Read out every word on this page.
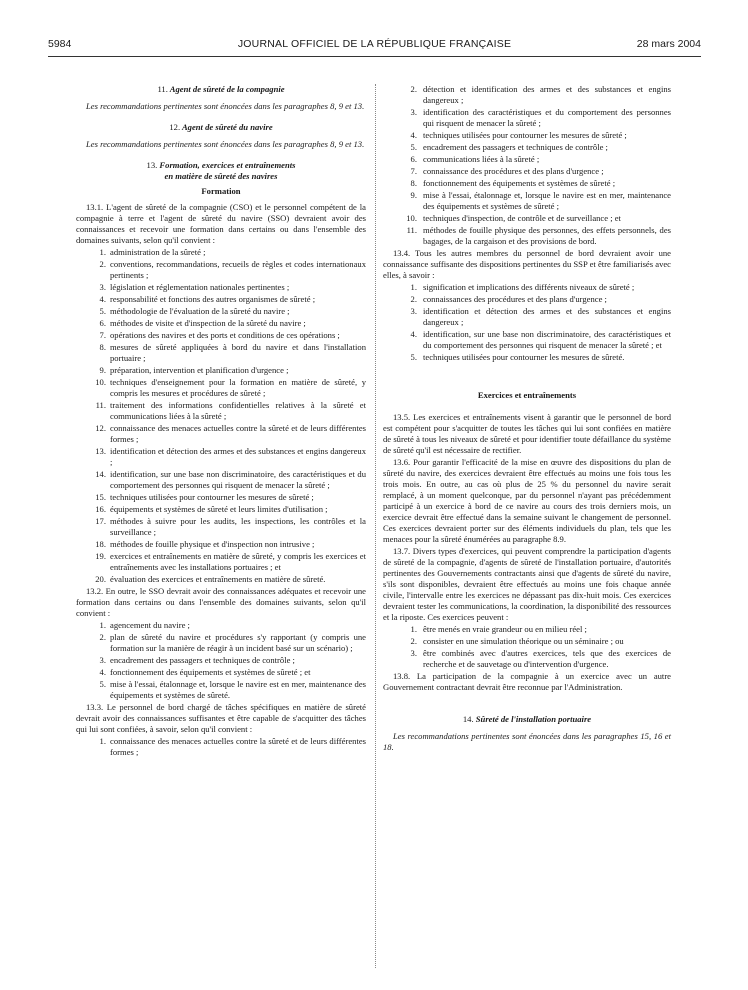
5984	JOURNAL OFFICIEL DE LA RÉPUBLIQUE FRANÇAISE	28 mars 2004
11. Agent de sûreté de la compagnie

Les recommandations pertinentes sont énoncées dans les paragraphes 8, 9 et 13.

12. Agent de sûreté du navire

Les recommandations pertinentes sont énoncées dans les paragraphes 8, 9 et 13.

13. Formation, exercices et entraînements
en matière de sûreté des navires
Formation

13.1. L'agent de sûreté de la compagnie (CSO) et le personnel compétent de la compagnie à terre et l'agent de sûreté du navire (SSO) devraient avoir des connaissances et recevoir une formation dans certains ou dans l'ensemble des domaines suivants, selon qu'il convient :

1. administration de la sûreté ;
2. conventions, recommandations, recueils de règles et codes internationaux pertinents ;
3. législation et réglementation nationales pertinentes ;
4. responsabilité et fonctions des autres organismes de sûreté ;
5. méthodologie de l'évaluation de la sûreté du navire ;
6. méthodes de visite et d'inspection de la sûreté du navire ;
7. opérations des navires et des ports et conditions de ces opérations ;
8. mesures de sûreté appliquées à bord du navire et dans l'installation portuaire ;
9. préparation, intervention et planification d'urgence ;
10. techniques d'enseignement pour la formation en matière de sûreté, y compris les mesures et procédures de sûreté ;
11. traitement des informations confidentielles relatives à la sûreté et communications liées à la sûreté ;
12. connaissance des menaces actuelles contre la sûreté et de leurs différentes formes ;
13. identification et détection des armes et des substances et engins dangereux ;
14. identification, sur une base non discriminatoire, des caractéristiques et du comportement des personnes qui risquent de menacer la sûreté ;
15. techniques utilisées pour contourner les mesures de sûreté ;
16. équipements et systèmes de sûreté et leurs limites d'utilisation ;
17. méthodes à suivre pour les audits, les inspections, les contrôles et la surveillance ;
18. méthodes de fouille physique et d'inspection non intrusive ;
19. exercices et entraînements en matière de sûreté, y compris les exercices et entraînements avec les installations portuaires ; et
20. évaluation des exercices et entraînements en matière de sûreté.

13.2. En outre, le SSO devrait avoir des connaissances adéquates et recevoir une formation dans certains ou dans l'ensemble des domaines suivants, selon qu'il convient :

1. agencement du navire ;
2. plan de sûreté du navire et procédures s'y rapportant (y compris une formation sur la manière de réagir à un incident basé sur un scénario) ;
3. encadrement des passagers et techniques de contrôle ;
4. fonctionnement des équipements et systèmes de sûreté ; et
5. mise à l'essai, étalonnage et, lorsque le navire est en mer, maintenance des équipements et systèmes de sûreté.

13.3. Le personnel de bord chargé de tâches spécifiques en matière de sûreté devrait avoir des connaissances suffisantes et être capable de s'acquitter des tâches qui lui sont confiées, à savoir, selon qu'il convient :

1. connaissance des menaces actuelles contre la sûreté et de leurs différentes formes ;
2. détection et identification des armes et des substances et engins dangereux ;
3. identification des caractéristiques et du comportement des personnes qui risquent de menacer la sûreté ;
4. techniques utilisées pour contourner les mesures de sûreté ;
5. encadrement des passagers et techniques de contrôle ;
6. communications liées à la sûreté ;
7. connaissance des procédures et des plans d'urgence ;
8. fonctionnement des équipements et systèmes de sûreté ;
9. mise à l'essai, étalonnage et, lorsque le navire est en mer, maintenance des équipements et systèmes de sûreté ;
10. techniques d'inspection, de contrôle et de surveillance ; et
11. méthodes de fouille physique des personnes, des effets personnels, des bagages, de la cargaison et des provisions de bord.

13.4. Tous les autres membres du personnel de bord devraient avoir une connaissance suffisante des dispositions pertinentes du SSP et être familiarisés avec elles, à savoir :

1. signification et implications des différents niveaux de sûreté ;
2. connaissances des procédures et des plans d'urgence ;
3. identification et détection des armes et des substances et engins dangereux ;
4. identification, sur une base non discriminatoire, des caractéristiques et du comportement des personnes qui risquent de menacer la sûreté ; et
5. techniques utilisées pour contourner les mesures de sûreté.
Exercices et entraînements

13.5. Les exercices et entraînements visent à garantir que le personnel de bord est compétent pour s'acquitter de toutes les tâches qui lui sont confiées en matière de sûreté à tous les niveaux de sûreté et pour identifier toute défaillance du système de sûreté qu'il est nécessaire de rectifier.

13.6. Pour garantir l'efficacité de la mise en œuvre des dispositions du plan de sûreté du navire, des exercices devraient être effectués au moins une fois tous les trois mois. En outre, au cas où plus de 25 % du personnel du navire serait remplacé, à un moment quelconque, par du personnel n'ayant pas précédemment participé à un exercice à bord de ce navire au cours des trois derniers mois, un exercice devrait être effectué dans la semaine suivant le changement de personnel. Ces exercices devraient porter sur des éléments individuels du plan, tels que les menaces pour la sûreté énumérées au paragraphe 8.9.

13.7. Divers types d'exercices, qui peuvent comprendre la participation d'agents de sûreté de la compagnie, d'agents de sûreté de l'installation portuaire, d'autorités pertinentes des Gouvernements contractants ainsi que d'agents de sûreté du navire, s'ils sont disponibles, devraient être effectués au moins une fois chaque année civile, l'intervalle entre les exercices ne dépassant pas dix-huit mois. Ces exercices devraient tester les communications, la coordination, la disponibilité des ressources et la riposte. Ces exercices peuvent :

1. être menés en vraie grandeur ou en milieu réel ;
2. consister en une simulation théorique ou un séminaire ; ou
3. être combinés avec d'autres exercices, tels que des exercices de recherche et de sauvetage ou d'intervention d'urgence.

13.8. La participation de la compagnie à un exercice avec un autre Gouvernement contractant devrait être reconnue par l'Administration.

14. Sûreté de l'installation portuaire

Les recommandations pertinentes sont énoncées dans les paragraphes 15, 16 et 18.
